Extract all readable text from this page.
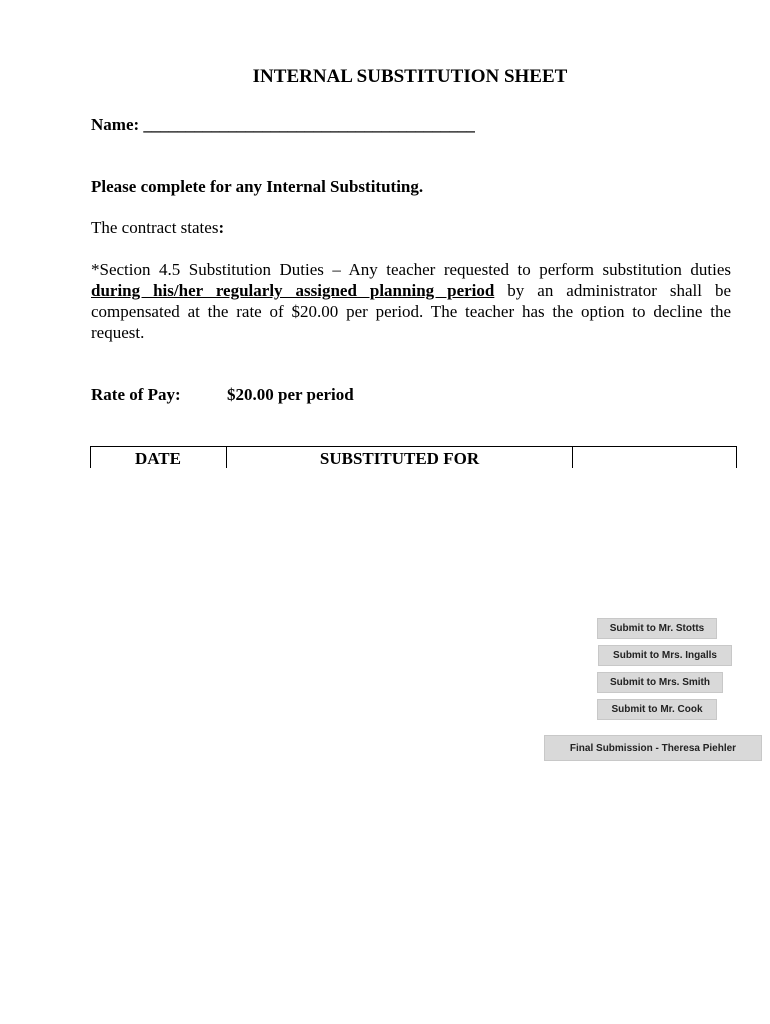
INTERNAL SUBSTITUTION SHEET
Name: _______________________________________
Please complete for any Internal Substituting.
The contract states:
*Section 4.5 Substitution Duties – Any teacher requested to perform substitution duties during his/her regularly assigned planning period by an administrator shall be compensated at the rate of $20.00 per period. The teacher has the option to decline the request.
Rate of Pay:	$20.00 per period
DATE	SUBSTITUTED FOR
Submit to Mr. Stotts
Submit to Mrs. Ingalls
Submit to Mrs. Smith
Submit to Mr. Cook
Final Submission - Theresa Piehler
